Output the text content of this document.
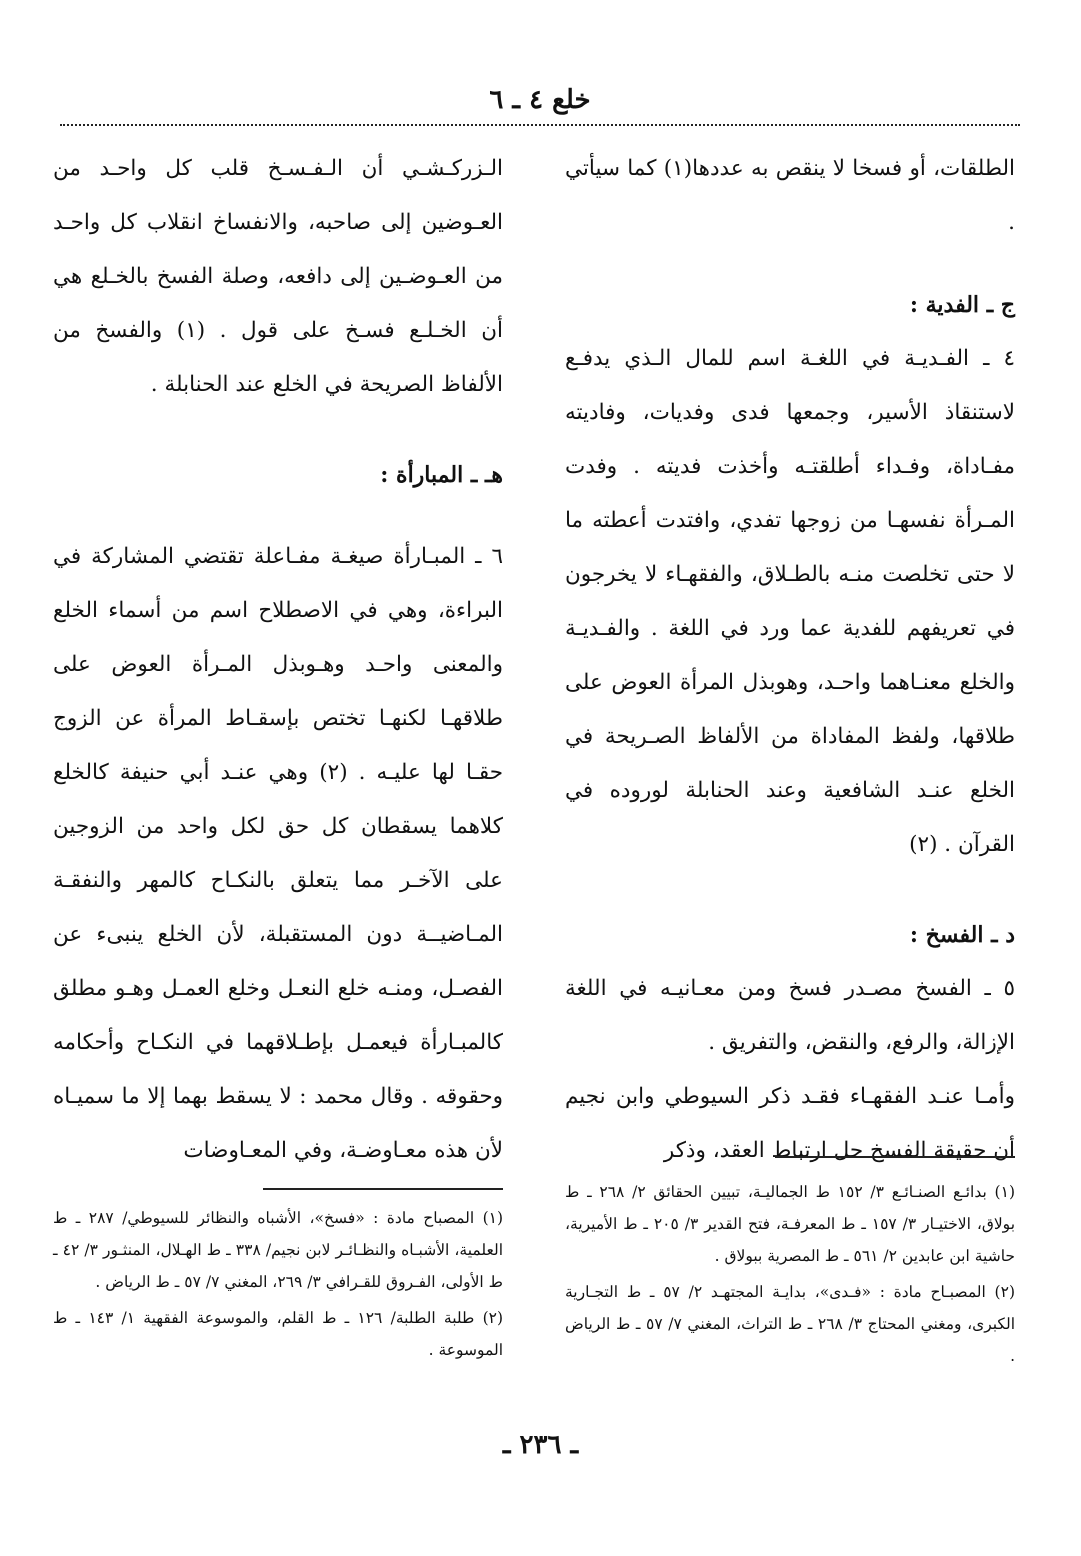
خلع ٤ ـ ٦

الطلقات، أو فسخا لا ينقص به عددها(١) كما سيأتي .

ج ـ الفدية :

٤ ـ الفـديـة في اللغـة اسم للمال الـذي يدفـع لاستنقاذ الأسير، وجمعها فدى وفديات، وفاديته مفـاداة، وفـداء أطلقتـه وأخذت فديته . وفدت المـرأة نفسهـا من زوجها تفدي، وافتدت أعطته ما لا حتى تخلصت منـه بالطـلاق، والفقهـاء لا يخرجون في تعريفهم للفدية عما ورد في اللغة . والفـديـة والخلع معنـاهما واحـد، وهوبذل المرأة العوض على طلاقها، ولفظ المفاداة من الألفاظ الصـريحة في الخلع عنـد الشافعية وعند الحنابلة لوروده في القرآن . (٢)

د ـ الفسخ :

٥ ـ الفسخ مصـدر فسخ ومن معـانيـه في اللغة الإزالة، والرفع، والنقض، والتفريق .

وأمـا عنـد الفقهـاء فقـد ذكر السيوطي وابن نجيم أن حقيقة الفسخ حل ارتباط العقد، وذكر

الـزركـشـي أن الـفـسـخ قلب كل واحـد من العـوضين إلى صاحبه، والانفساخ انقلاب كل واحـد من العـوضـين إلى دافعه، وصلة الفسخ بالخـلع هي أن الخـلـع فسـخ على قول . (١) والفسخ من الألفاظ الصريحة في الخلع عند الحنابلة .

هـ ـ المبارأة :

٦ ـ المبـارأة صيغـة مفـاعلة تقتضي المشاركة في البراءة، وهي في الاصطلاح اسم من أسماء الخلع والمعنى واحـد وهـوبذل المـرأة العوض على طلاقهـا لكنهـا تختص بإسقـاط المرأة عن الزوج حقـا لها عليـه . (٢) وهي عنـد أبي حنيفة كالخلع كلاهما يسقطان كل حق لكل واحد من الزوجين على الآخـر مما يتعلق بالنكـاح كالمهر والنفقـة المـاضيــة دون المستقبلة، لأن الخلع ينبىء عن الفصـل، ومنـه خلع النعـل وخلع العمـل وهـو مطلق كالمبـارأة فيعمـل بإطـلاقهما في النكـاح وأحكامه وحقوقه . وقال محمد : لا يسقط بهما إلا ما سميـاه لأن هذه معـاوضـة، وفي المعـاوضات

(١) بدائـع الصنـائـع ٣/ ١٥٢ ط الجماليـة، تبيين الحقائق ٢/ ٢٦٨ ـ ط بولاق، الاختيـار ٣/ ١٥٧ ـ ط المعرفـة، فتح القدير ٣/ ٢٠٥ ـ ط الأميرية، حاشية ابن عابدين ٢/ ٥٦١ ـ ط المصرية ببولاق .

(٢) المصبـاح مادة : «فـدى»، بدايـة المجتهـد ٢/ ٥٧ ـ ط التجـارية الكبرى، ومغني المحتاج ٣/ ٢٦٨ ـ ط التراث، المغني ٧/ ٥٧ ـ ط الرياض .

(١) المصباح مادة : «فسخ»، الأشباه والنظائر للسيوطي/ ٢٨٧ ـ ط العلمية، الأشبـاه والنظـائـر لابن نجيم/ ٣٣٨ ـ ط الهـلال، المنثـور ٣/ ٤٢ ـ ط الأولى، الفـروق للقـرافي ٣/ ٢٦٩، المغني ٧/ ٥٧ ـ ط الرياض .

(٢) طلبة الطلبة/ ١٢٦ ـ ط القلم، والموسوعة الفقهية ١/ ١٤٣ ـ ط الموسوعة .

ـ ٢٣٦ ـ
